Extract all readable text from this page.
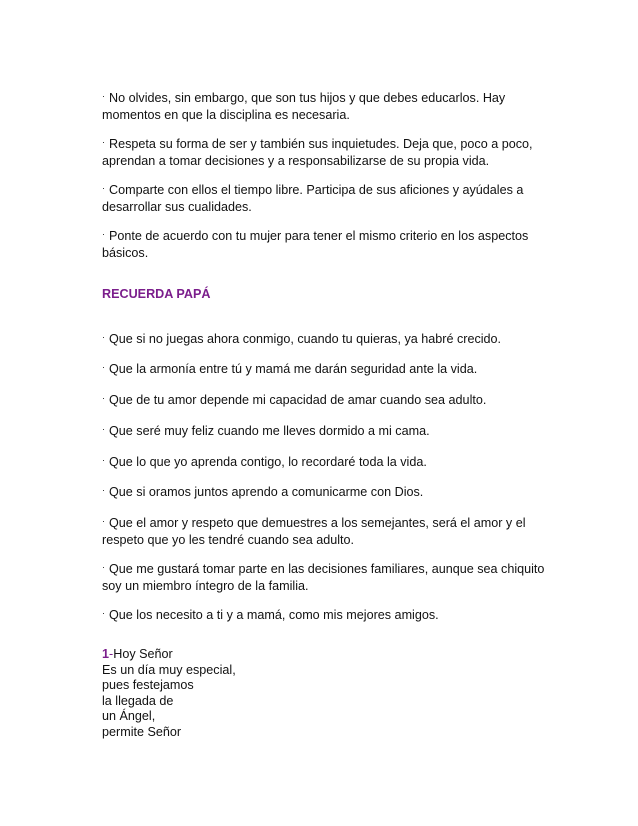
· No olvides, sin embargo, que son tus hijos y que debes educarlos. Hay
momentos en que la disciplina es necesaria.

· Respeta su forma de ser y también sus inquietudes. Deja que, poco a poco,
aprendan a tomar decisiones y a responsabilizarse de su propia vida.

· Comparte con ellos el tiempo libre. Participa de sus aficiones y ayúdales a
desarrollar sus cualidades.

· Ponte de acuerdo con tu mujer para tener el mismo criterio en los aspectos
básicos.

RECUERDA PAPÁ

· Que si no juegas ahora conmigo, cuando tu quieras, ya habré crecido.

· Que la armonía entre tú y mamá me darán seguridad ante la vida.

· Que de tu amor depende mi capacidad de amar cuando sea adulto.

· Que seré muy feliz cuando me lleves dormido a mi cama.

· Que lo que yo aprenda contigo, lo recordaré toda la vida.

· Que si oramos juntos aprendo a comunicarme con Dios.

· Que el amor y respeto que demuestres a los semejantes, será el amor y el
respeto que yo les tendré cuando sea adulto.

· Que me gustará tomar parte en las decisiones familiares, aunque sea chiquito
soy un miembro íntegro de la familia.

· Que los necesito a ti y a mamá, como mis mejores amigos.

1-Hoy Señor
Es un día muy especial,
pues festejamos
la llegada de
un Ángel,
permite Señor
